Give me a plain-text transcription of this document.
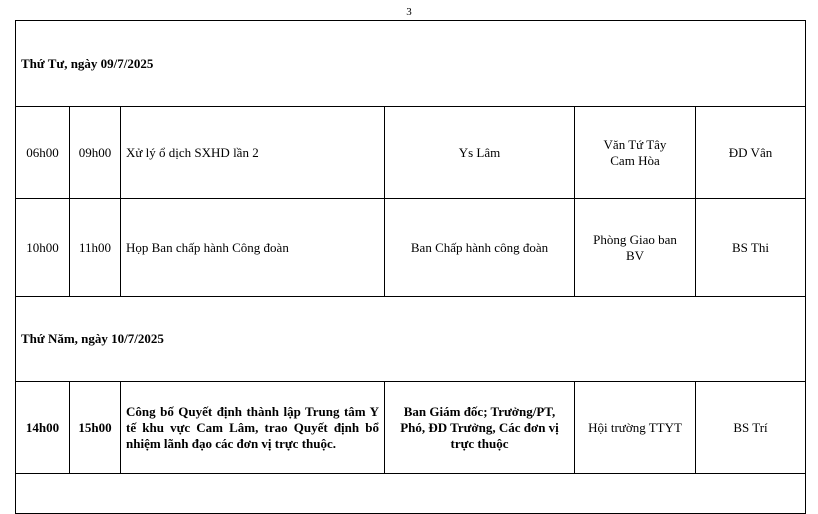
3
Thứ Tư, ngày 09/7/2025					
06h00	09h00	Xử lý ổ dịch SXHD lần 2	Ys Lâm	Văn Tứ Tây Cam Hòa	ĐD Vân
10h00	11h00	Họp Ban chấp hành Công đoàn	Ban Chấp hành công đoàn	Phòng Giao ban BV	BS Thi
Thứ Năm, ngày 10/7/2025					
14h00	15h00	Công bố Quyết định thành lập Trung tâm Y tế khu vực Cam Lâm, trao Quyết định bổ nhiệm lãnh đạo các đơn vị trực thuộc.	Ban Giám đốc; Trưởng/PT, Phó, ĐD Trưởng, Các đơn vị trực thuộc	Hội trường TTYT	BS Trí
